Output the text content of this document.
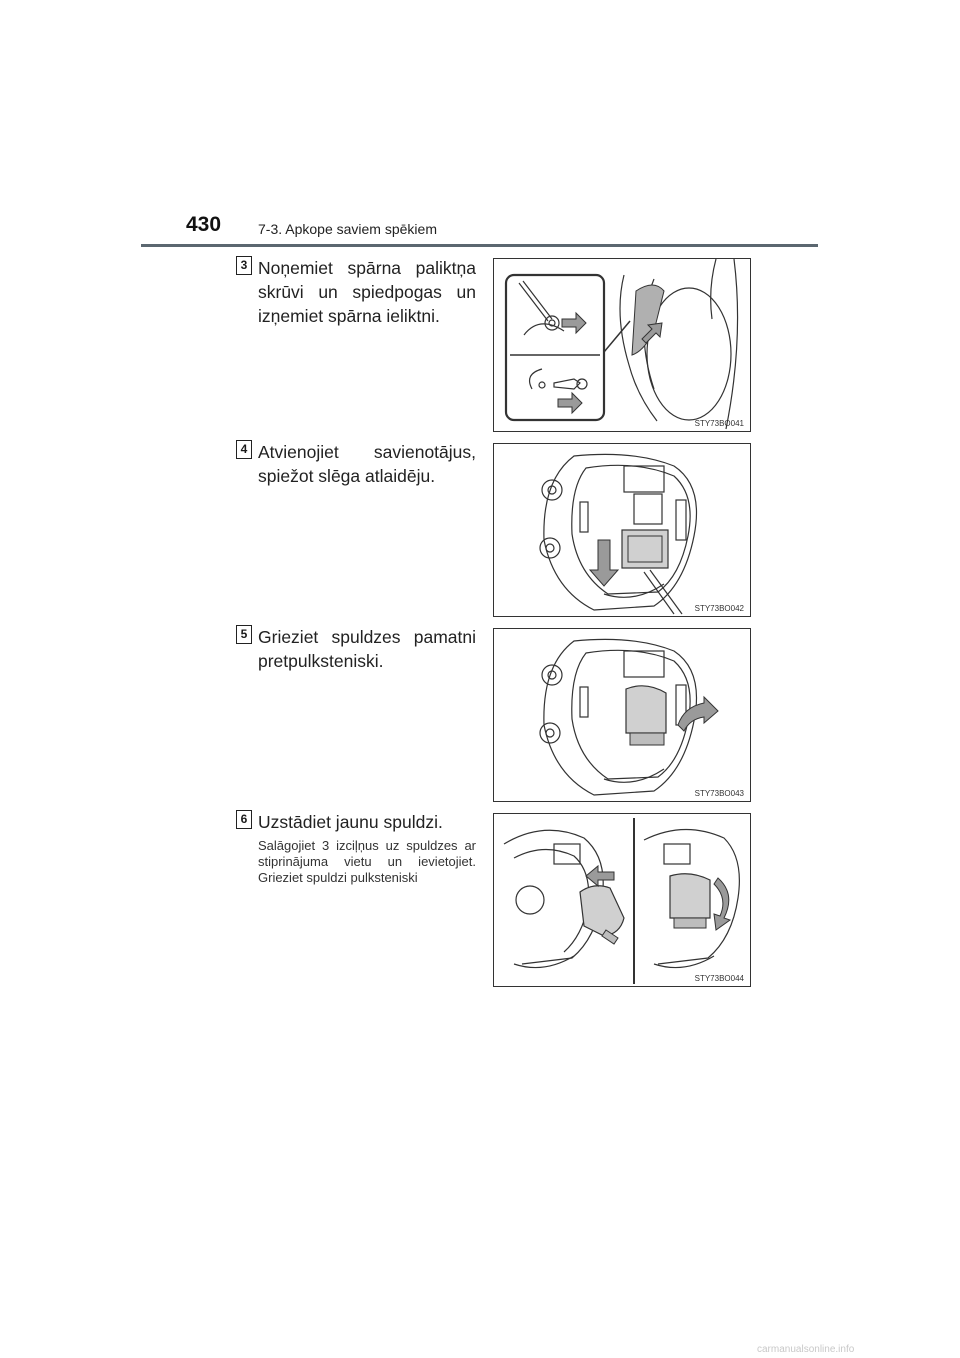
430	7-3. Apkope saviem spēkiem
3 Noņemiet spārna paliktņa skrūvi un spiedpogas un izņemiet spārna ieliktni.
STY73BO041
4 Atvienojiet savienotājus, spiežot slēga atlaidēju.
STY73BO042
5 Grieziet spuldzes pamatni pretpulksteniski.
STY73BO043
6 Uzstādiet jaunu spuldzi.
Salāgojiet 3 izciļņus uz spuldzes ar stiprinājuma vietu un ievietojiet. Grieziet spuldzi pulksteniski
STY73BO044
carmanualsonline.info
